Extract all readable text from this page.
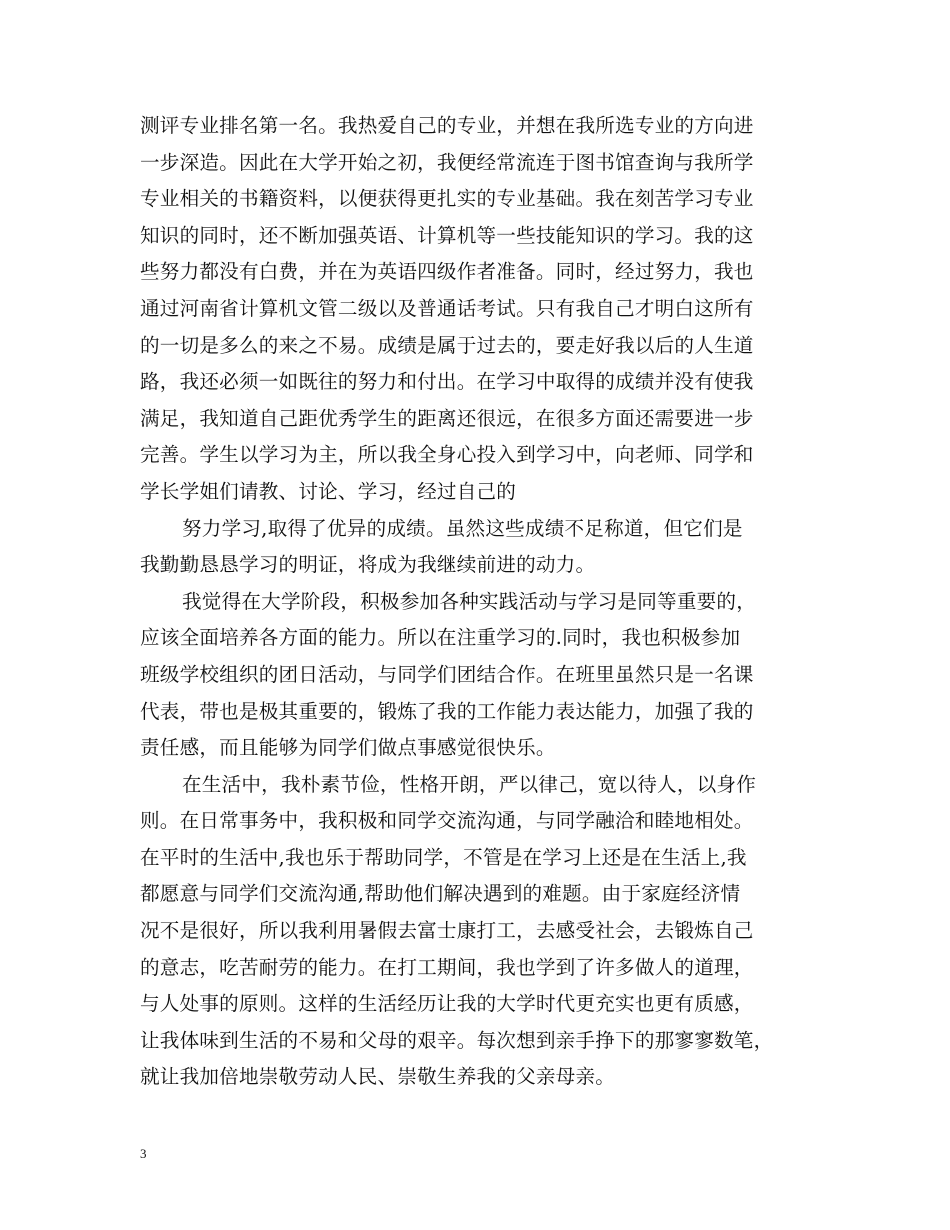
测评专业排名第一名。我热爱自己的专业，并想在我所选专业的方向进
一步深造。因此在大学开始之初，我便经常流连于图书馆查询与我所学
专业相关的书籍资料，以便获得更扎实的专业基础。我在刻苦学习专业
知识的同时，还不断加强英语、计算机等一些技能知识的学习。我的这
些努力都没有白费，并在为英语四级作者准备。同时，经过努力，我也
通过河南省计算机文管二级以及普通话考试。只有我自己才明白这所有
的一切是多么的来之不易。成绩是属于过去的，要走好我以后的人生道
路，我还必须一如既往的努力和付出。在学习中取得的成绩并没有使我
满足，我知道自己距优秀学生的距离还很远，在很多方面还需要进一步
完善。学生以学习为主，所以我全身心投入到学习中，向老师、同学和
学长学姐们请教、讨论、学习，经过自己的
努力学习,取得了优异的成绩。虽然这些成绩不足称道，但它们是
我勤勤恳恳学习的明证，将成为我继续前进的动力。
我觉得在大学阶段，积极参加各种实践活动与学习是同等重要的，
应该全面培养各方面的能力。所以在注重学习的.同时，我也积极参加
班级学校组织的团日活动，与同学们团结合作。在班里虽然只是一名课
代表，带也是极其重要的，锻炼了我的工作能力表达能力，加强了我的
责任感，而且能够为同学们做点事感觉很快乐。
在生活中，我朴素节俭，性格开朗，严以律己，宽以待人，以身作
则。在日常事务中，我积极和同学交流沟通，与同学融洽和睦地相处。
在平时的生活中,我也乐于帮助同学，不管是在学习上还是在生活上,我
都愿意与同学们交流沟通,帮助他们解决遇到的难题。由于家庭经济情
况不是很好，所以我利用暑假去富士康打工，去感受社会，去锻炼自己
的意志，吃苦耐劳的能力。在打工期间，我也学到了许多做人的道理，
与人处事的原则。这样的生活经历让我的大学时代更充实也更有质感，
让我体味到生活的不易和父母的艰辛。每次想到亲手挣下的那寥寥数笔，
就让我加倍地崇敬劳动人民、崇敬生养我的父亲母亲。
3
